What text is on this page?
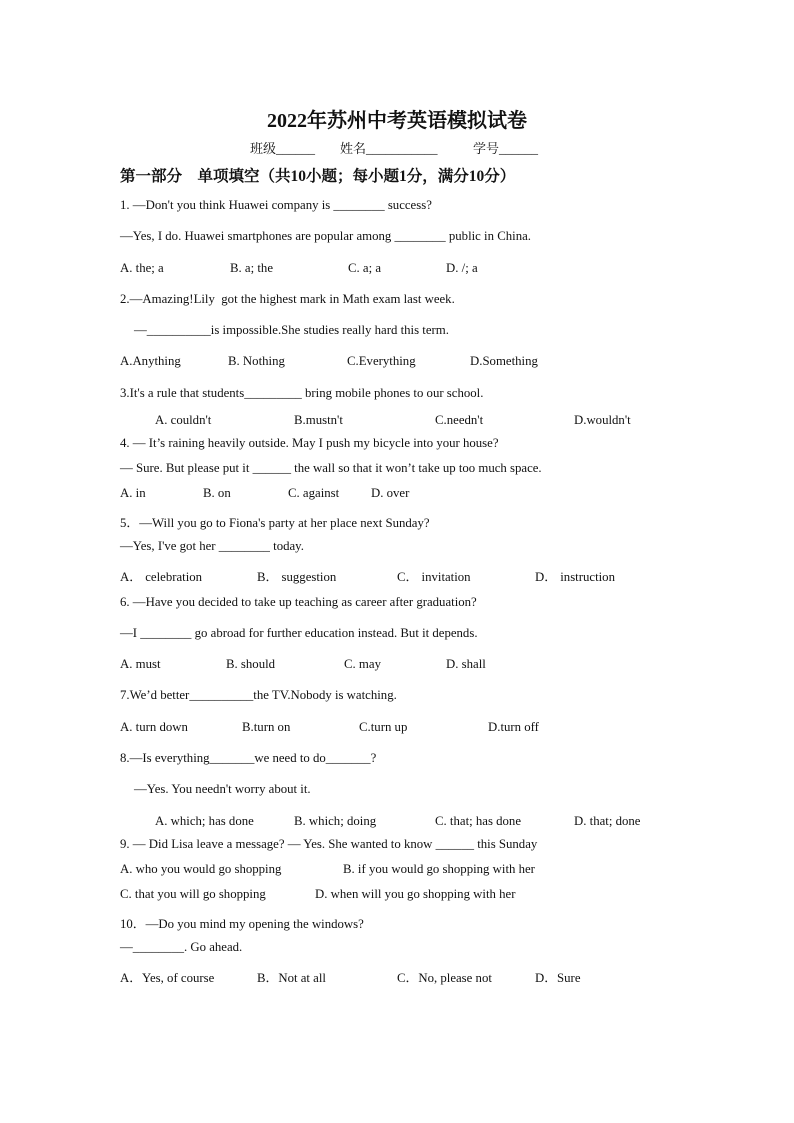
2022年苏州中考英语模拟试卷
班级______ 姓名___________	学号______
第一部分　单项填空（共10小题；每小题1分，满分10分）
1. —Don't you think Huawei company is ________ success?
—Yes, I do. Huawei smartphones are popular among ________ public in China.
A. the; a	B. a; the	C. a; a	D. /; a
2.—Amazing!Lily  got the highest mark in Math exam last week.
—__________is impossible.She studies really hard this term.
A.Anything	B. Nothing	C.Everything	D.Something
3.It's a rule that students_________ bring mobile phones to our school.
A. couldn't	B.mustn't	C.needn't	D.wouldn't
4. — It’s raining heavily outside. May I push my bicycle into your house?
— Sure. But please put it ______ the wall so that it won’t take up too much space.
A. in	B. on	C. against D. over
5．—Will you go to Fiona's party at her place next Sunday?
—Yes, I've got her ________ today.
A． celebration	B． suggestion	C． invitation	D． instruction
6. —Have you decided to take up teaching as career after graduation?
—I ________ go abroad for further education instead. But it depends.
A. must	B. should	C. may	D. shall
7.We’d better__________the TV.Nobody is watching.
A. turn down	B.turn on	C.turn up	D.turn off
8.—Is everything_______we need to do_______?
—Yes. You needn't worry about it.
A. which; has done	B. which; doing	C. that; has done	D. that; done
9. — Did Lisa leave a message? — Yes. She wanted to know ______ this Sunday
A. who you would go shopping	B. if you would go shopping with her
C. that you will go shopping	D. when will you go shopping with her
10．—Do you mind my opening the windows?
—________. Go ahead.
A．Yes, of course	B．Not at all	C．No, please not	D．Sure
